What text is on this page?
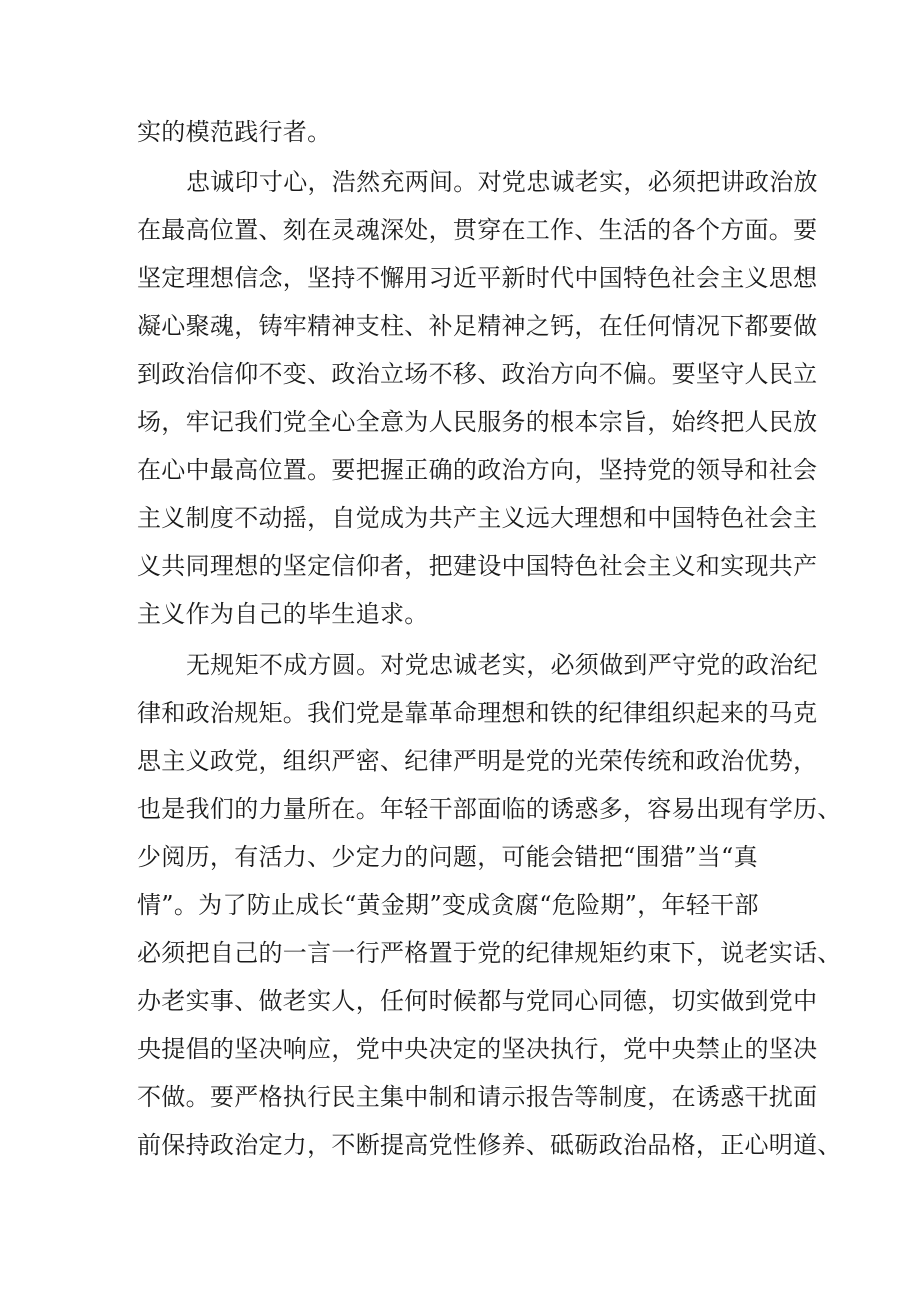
实的模范践行者。
忠诚印寸心，浩然充两间。对党忠诚老实，必须把讲政治放
在最高位置、刻在灵魂深处，贯穿在工作、生活的各个方面。要
坚定理想信念，坚持不懈用习近平新时代中国特色社会主义思想
凝心聚魂，铸牢精神支柱、补足精神之钙，在任何情况下都要做
到政治信仰不变、政治立场不移、政治方向不偏。要坚守人民立
场，牢记我们党全心全意为人民服务的根本宗旨，始终把人民放
在心中最高位置。要把握正确的政治方向，坚持党的领导和社会
主义制度不动摇，自觉成为共产主义远大理想和中国特色社会主
义共同理想的坚定信仰者，把建设中国特色社会主义和实现共产
主义作为自己的毕生追求。
无规矩不成方圆。对党忠诚老实，必须做到严守党的政治纪
律和政治规矩。我们党是靠革命理想和铁的纪律组织起来的马克
思主义政党，组织严密、纪律严明是党的光荣传统和政治优势，
也是我们的力量所在。年轻干部面临的诱惑多，容易出现有学历、
少阅历，有活力、少定力的问题，可能会错把“围猎”当“真
情”。为了防止成长“黄金期”变成贪腐“危险期”，年轻干部
必须把自己的一言一行严格置于党的纪律规矩约束下，说老实话、
办老实事、做老实人，任何时候都与党同心同德，切实做到党中
央提倡的坚决响应，党中央决定的坚决执行，党中央禁止的坚决
不做。要严格执行民主集中制和请示报告等制度，在诱惑干扰面
前保持政治定力，不断提高党性修养、砥砺政治品格，正心明道、
